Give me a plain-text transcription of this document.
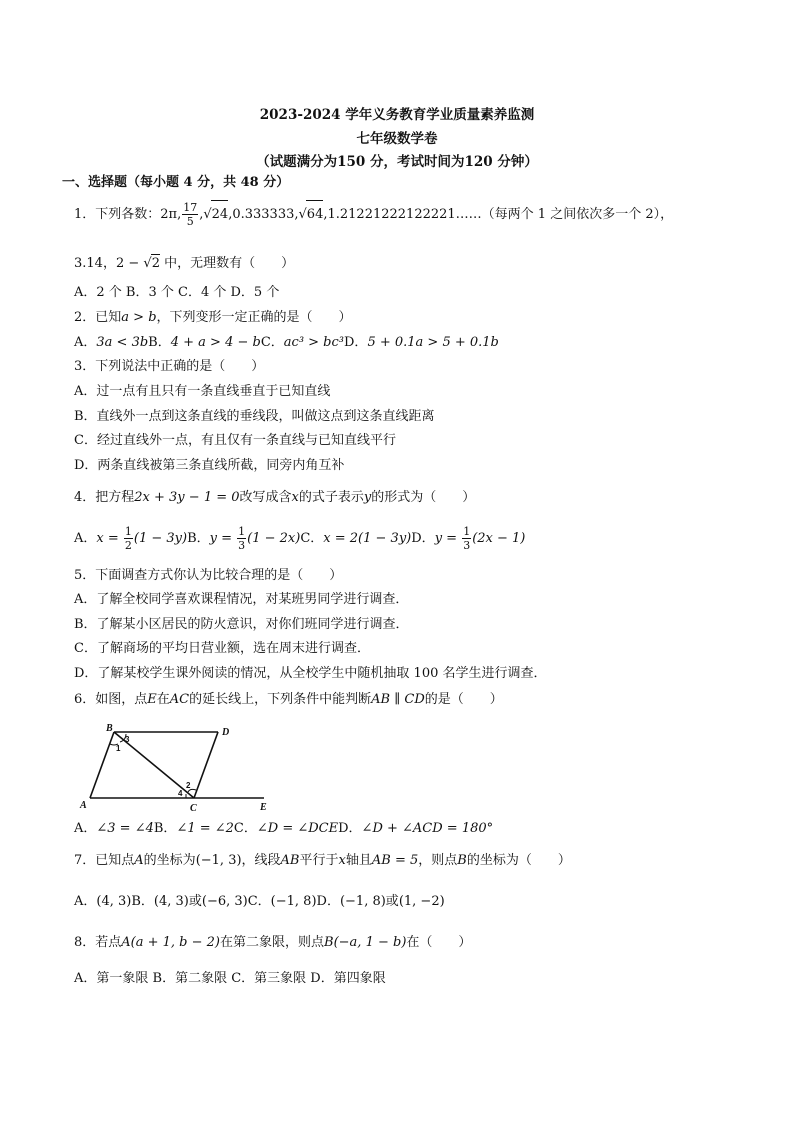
2023-2024 学年义务教育学业质量素养监测
七年级数学卷
（试题满分为150 分，考试时间为120 分钟）
一、选择题（每小题 4 分，共 48 分）
1．下列各数：2π, $\frac{17}{5}$ ,√24,0.333333,√64,1.21221222122221……（每两个 1 之间依次多一个 2），
3.14，2 − √2 中，无理数有（　　）
A．2 个 B．3 个 C．4 个 D．5 个
2．已知a > b，下列变形一定正确的是（　　）
A．3a < 3bB．4 + a > 4 − bC．ac³ > bc³D．5 + 0.1a > 5 + 0.1b
3．下列说法中正确的是（　　）
A．过一点有且只有一条直线垂直于已知直线
B．直线外一点到这条直线的垂线段，叫做这点到这条直线距离
C．经过直线外一点，有且仅有一条直线与已知直线平行
D．两条直线被第三条直线所截，同旁内角互补
4．把方程2x + 3y − 1 = 0改写成含x的式子表示y的形式为（　　）
A．$x = \frac{1}{2} (1 - 3y)B$．$y = \frac{1}{3} (1 - 2x)C$．x = 2(1 − 3y)D．$y = \frac{1}{3} (2x - 1)$
5．下面调查方式你认为比较合理的是（　　）
A．了解全校同学喜欢课程情况，对某班男同学进行调查．
B．了解某小区居民的防火意识，对你们班同学进行调查．
C．了解商场的平均日营业额，选在周末进行调查．
D．了解某校学生课外阅读的情况，从全校学生中随机抽取 100 名学生进行调查．
6．如图，点E在AC的延长线上，下列条件中能判断AB ∥ CD的是（　　）
A
B
C
D
E
1
2
3
4
A．∠3 = ∠4B．∠1 = ∠2C．∠D = ∠DCED．∠D + ∠ACD = 180°
7．已知点A的坐标为(−1, 3)，线段AB平行于x轴且AB = 5，则点B的坐标为（　　）
A．(4, 3)B．(4, 3)或(−6, 3)C．(−1, 8)D．(−1, 8)或(1, −2)
8．若点A(a + 1, b − 2)在第二象限，则点B(−a, 1 − b)在（　　）
A．第一象限 B．第二象限 C．第三象限 D．第四象限
